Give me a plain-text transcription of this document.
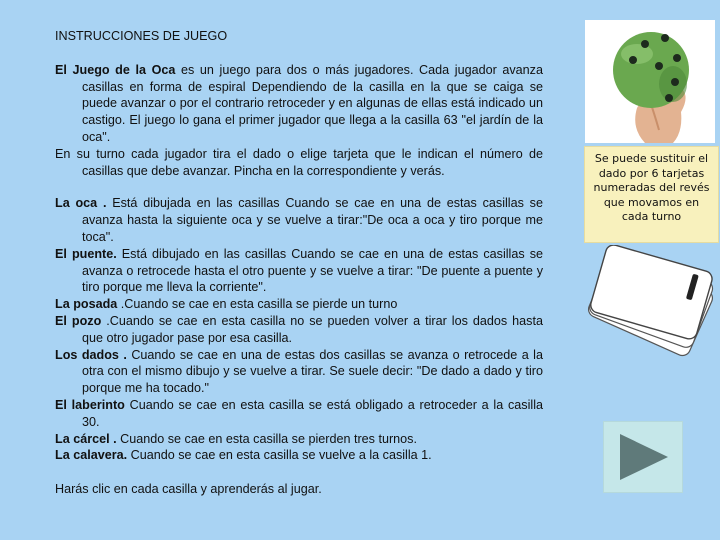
INSTRUCCIONES DE JUEGO

El Juego de la Oca es un juego para dos o más jugadores. Cada jugador avanza casillas en forma de espiral Dependiendo de la casilla en la que se caiga se puede avanzar o por el contrario retroceder y en algunas de ellas está indicado un castigo. El juego lo gana el primer jugador que llega a la casilla 63 "el jardín de la oca".

En su turno cada jugador tira el dado o elige tarjeta que le indican el número de casillas que debe avanzar. Pincha en la correspondiente y verás.

La oca . Está dibujada en las casillas Cuando se cae en una de estas casillas se avanza hasta la siguiente oca y se vuelve a tirar:"De oca a oca y tiro porque me toca".

El puente. Está dibujado en las casillas Cuando se cae en una de estas casillas se avanza o retrocede hasta el otro puente y se vuelve a tirar: "De puente a puente y tiro porque me lleva la corriente".

La posada .Cuando se cae en esta casilla se pierde un turno

El pozo .Cuando se cae en esta casilla no se pueden volver a tirar los dados hasta que otro jugador pase por esa casilla.

Los dados . Cuando se cae en una de estas dos casillas se avanza o retrocede a la otra con el mismo dibujo y se vuelve a tirar. Se suele decir: "De dado a dado y tiro porque me ha tocado."

El laberinto Cuando se cae en esta casilla se está obligado a retroceder a la casilla 30.

La cárcel . Cuando se cae en esta casilla se pierden tres turnos.

La calavera. Cuando se cae en esta casilla se vuelve a la casilla 1.

Harás clic en cada casilla y aprenderás al jugar.
Se puede sustituir el dado por 6 tarjetas numeradas del revés que movamos en cada turno
